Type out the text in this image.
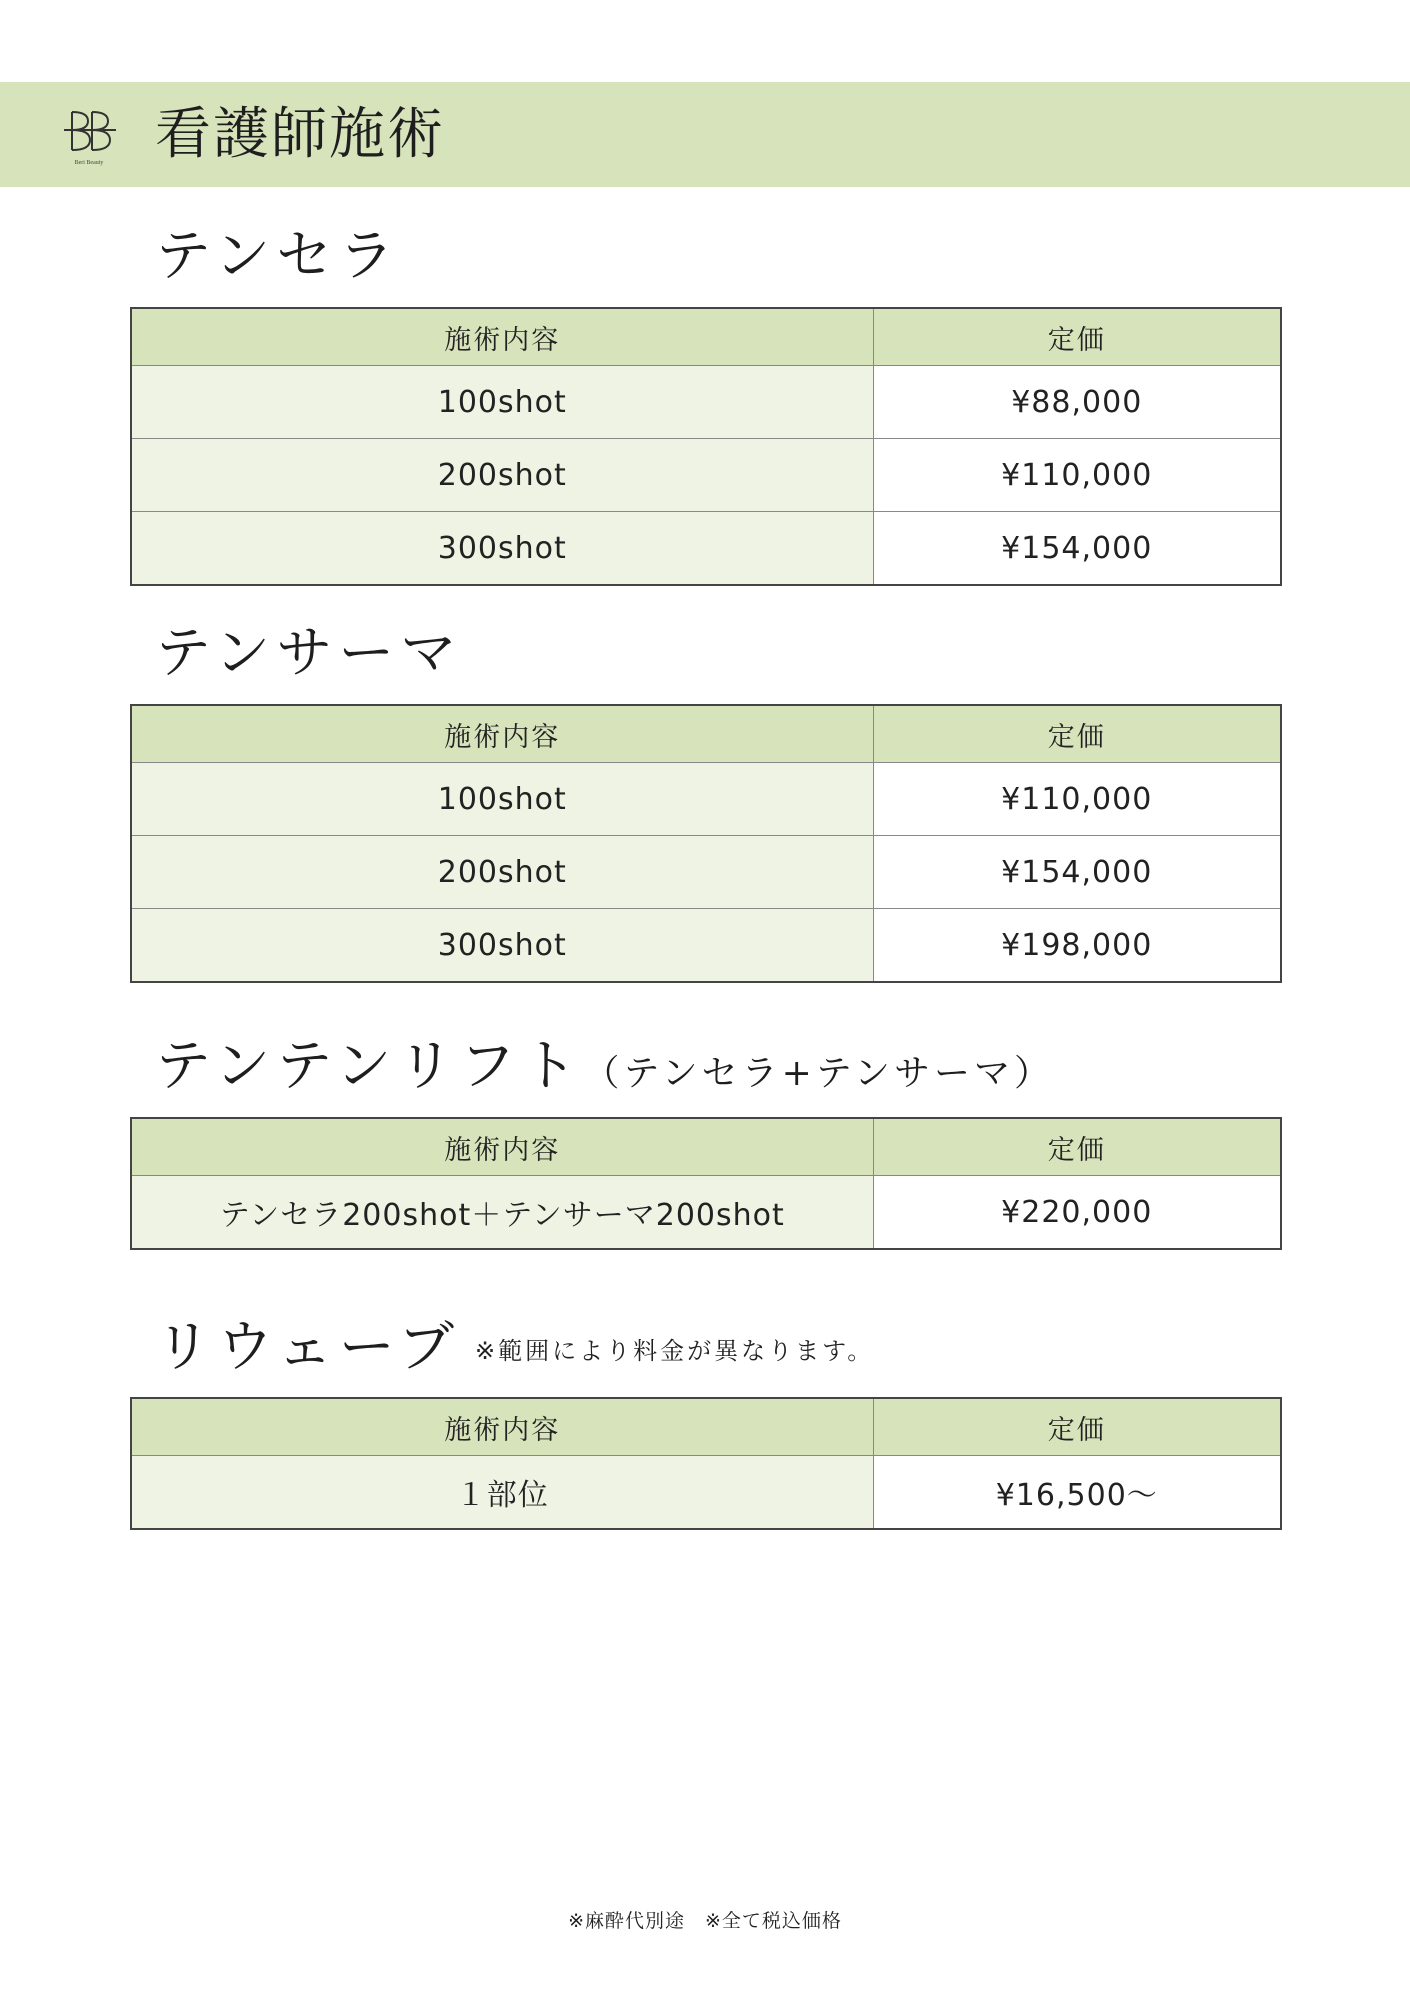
Beri Beauty 看護師施術
テンセラ
施術内容	定価
100shot	¥88,000
200shot	¥110,000
300shot	¥154,000
テンサーマ
施術内容	定価
100shot	¥110,000
200shot	¥154,000
300shot	¥198,000
テンテンリフト（テンセラ+テンサーマ）
施術内容	定価
テンセラ200shot＋テンサーマ200shot	¥220,000
リウェーブ ※範囲により料金が異なります。
施術内容	定価
１部位	¥16,500〜
※麻酔代別途　※全て税込価格
